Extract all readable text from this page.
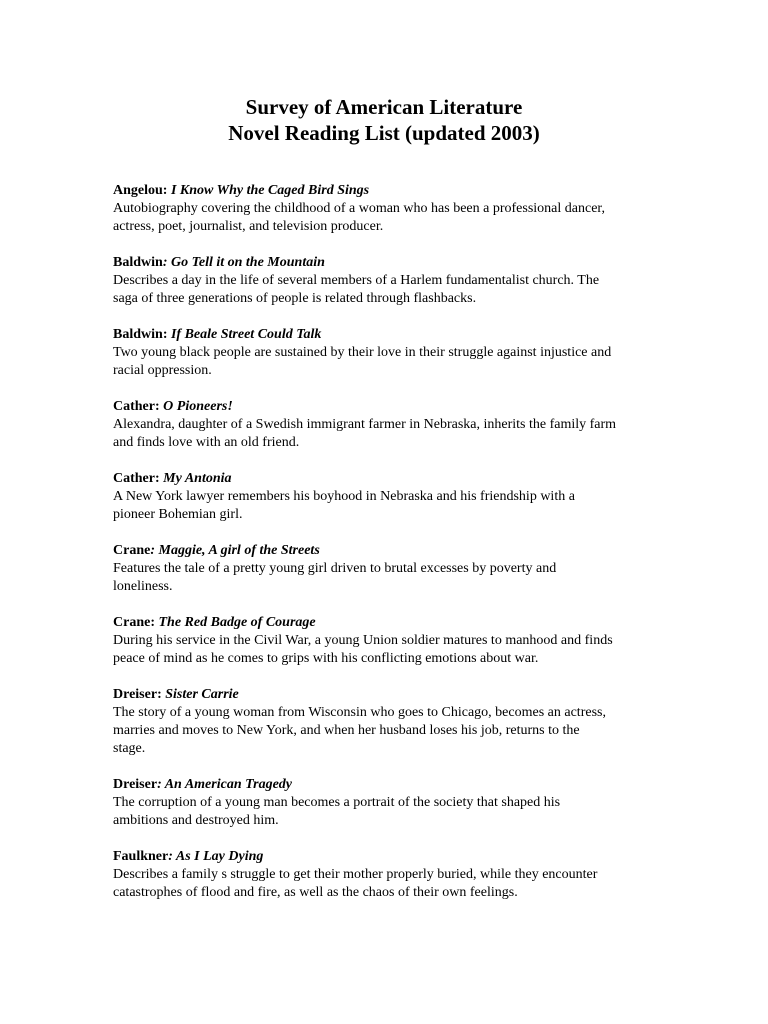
Survey of American Literature
Novel Reading List (updated 2003)
Angelou: I Know Why the Caged Bird Sings
Autobiography covering the childhood of a woman who has been a professional dancer,
actress, poet, journalist, and television producer.
Baldwin: Go Tell it on the Mountain
Describes a day in the life of several members of a Harlem fundamentalist church. The
saga of three generations of people is related through flashbacks.
Baldwin: If Beale Street Could Talk
Two young black people are sustained by their love in their struggle against injustice and
racial oppression.
Cather: O Pioneers!
Alexandra, daughter of a Swedish immigrant farmer in Nebraska, inherits the family farm
and finds love with an old friend.
Cather: My Antonia
A New York lawyer remembers his boyhood in Nebraska and his friendship with a
pioneer Bohemian girl.
Crane: Maggie, A girl of the Streets
Features the tale of a pretty young girl driven to brutal excesses by poverty and
loneliness.
Crane: The Red Badge of Courage
During his service in the Civil War, a young Union soldier matures to manhood and finds
peace of mind as he comes to grips with his conflicting emotions about war.
Dreiser: Sister Carrie
The story of a young woman from Wisconsin who goes to Chicago, becomes an actress,
marries and moves to New York, and when her husband loses his job, returns to the
stage.
Dreiser: An American Tragedy
The corruption of a young man becomes a portrait of the society that shaped his
ambitions and destroyed him.
Faulkner: As I Lay Dying
Describes a family s struggle to get their mother properly buried, while they encounter
catastrophes of flood and fire, as well as the chaos of their own feelings.
